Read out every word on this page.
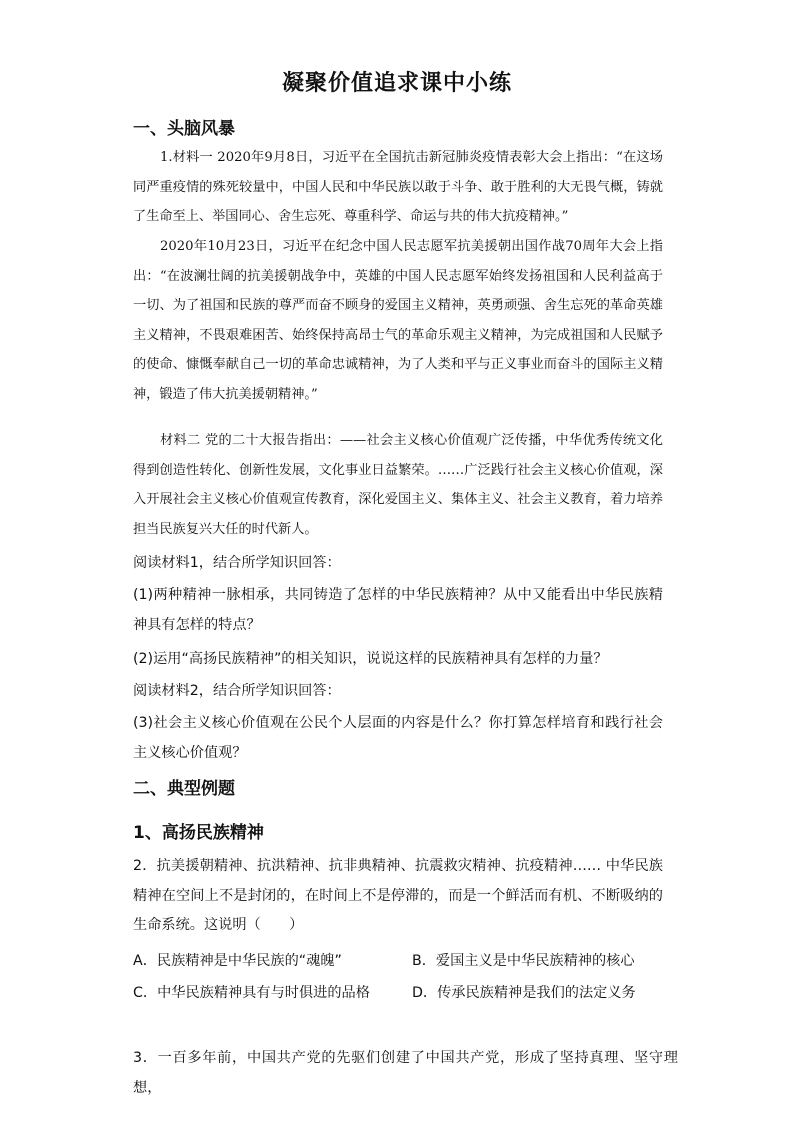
凝聚价值追求课中小练
一、头脑风暴

1.材料一 2020年9月8日，习近平在全国抗击新冠肺炎疫情表彰大会上指出：“在这场同严重疫情的殊死较量中，中国人民和中华民族以敢于斗争、敢于胜利的大无畏气概，铸就了生命至上、举国同心、舍生忘死、尊重科学、命运与共的伟大抗疫精神。”

2020年10月23日，习近平在纪念中国人民志愿军抗美援朝出国作战70周年大会上指出：“在波澜壮阔的抗美援朝战争中，英雄的中国人民志愿军始终发扬祖国和人民利益高于一切、为了祖国和民族的尊严而奋不顾身的爱国主义精神，英勇顽强、舍生忘死的革命英雄主义精神，不畏艰难困苦、始终保持高昂士气的革命乐观主义精神，为完成祖国和人民赋予的使命、慷慨奉献自己一切的革命忠诚精神，为了人类和平与正义事业而奋斗的国际主义精神，锻造了伟大抗美援朝精神。”

材料二 党的二十大报告指出：——社会主义核心价值观广泛传播，中华优秀传统文化得到创造性转化、创新性发展，文化事业日益繁荣。……广泛践行社会主义核心价值观，深入开展社会主义核心价值观宣传教育，深化爱国主义、集体主义、社会主义教育，着力培养担当民族复兴大任的时代新人。

阅读材料1，结合所学知识回答：

(1)两种精神一脉相承，共同铸造了怎样的中华民族精神？从中又能看出中华民族精神具有怎样的特点？

(2)运用“高扬民族精神”的相关知识，说说这样的民族精神具有怎样的力量？

阅读材料2，结合所学知识回答：

(3)社会主义核心价值观在公民个人层面的内容是什么？你打算怎样培育和践行社会主义核心价值观？

二、典型例题
1、高扬民族精神

2．抗美援朝精神、抗洪精神、抗非典精神、抗震救灾精神、抗疫精神…… 中华民族精神在空间上不是封闭的，在时间上不是停滞的，而是一个鲜活而有机、不断吸纳的生命系统。这说明（　　）

A．民族精神是中华民族的“魂魄”	B．爱国主义是中华民族精神的核心
C．中华民族精神具有与时俱进的品格	D．传承民族精神是我们的法定义务

3．一百多年前，中国共产党的先驱们创建了中国共产党，形成了坚持真理、坚守理想，
